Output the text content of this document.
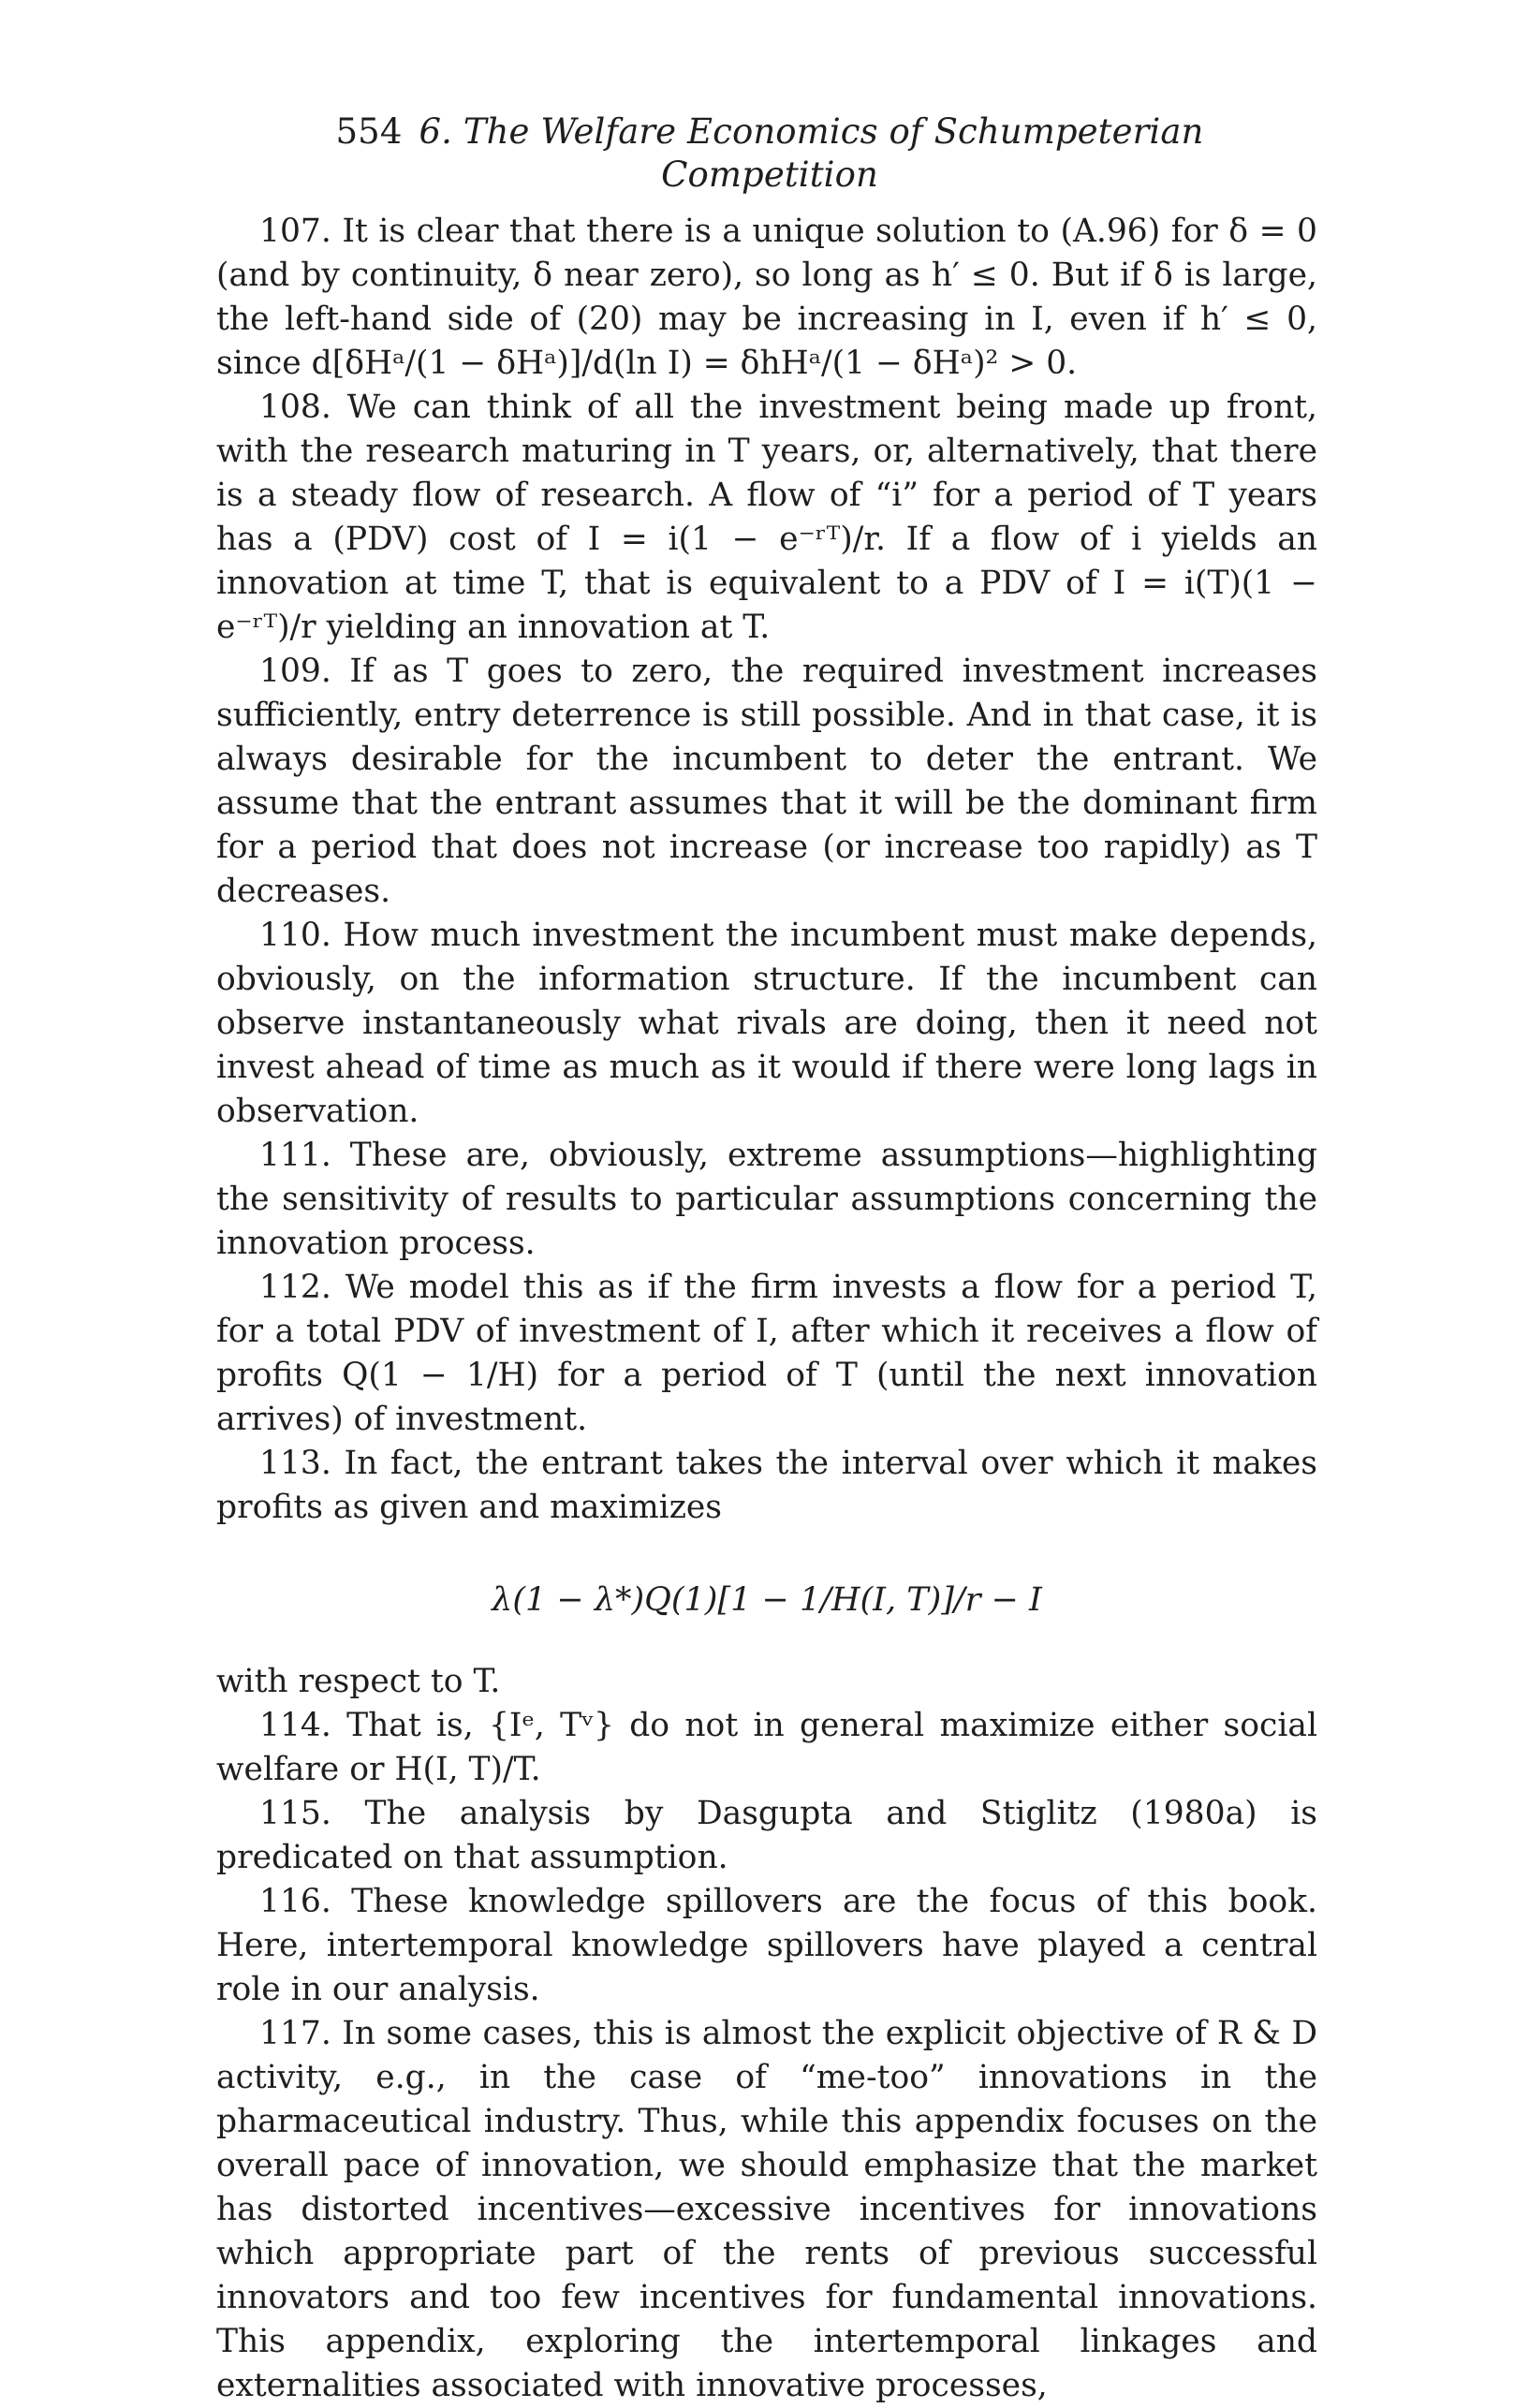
554 6. The Welfare Economics of Schumpeterian Competition

107. It is clear that there is a unique solution to (A.96) for δ = 0 (and by continuity, δ near zero), so long as h′ ≤ 0. But if δ is large, the left-hand side of (20) may be increasing in I, even if h′ ≤ 0, since d[δHᵃ/(1 − δHᵃ)]/d(ln I) = δhHᵃ/(1 − δHᵃ)² > 0.

108. We can think of all the investment being made up front, with the research maturing in T years, or, alternatively, that there is a steady flow of research. A flow of “i” for a period of T years has a (PDV) cost of I = i(1 − e⁻ʳᵀ)/r. If a flow of i yields an innovation at time T, that is equivalent to a PDV of I = i(T)(1 − e⁻ʳᵀ)/r yielding an innovation at T.

109. If as T goes to zero, the required investment increases sufficiently, entry deterrence is still possible. And in that case, it is always desirable for the incumbent to deter the entrant. We assume that the entrant assumes that it will be the dominant firm for a period that does not increase (or increase too rapidly) as T decreases.

110. How much investment the incumbent must make depends, obviously, on the information structure. If the incumbent can observe instantaneously what rivals are doing, then it need not invest ahead of time as much as it would if there were long lags in observation.

111. These are, obviously, extreme assumptions—highlighting the sensitivity of results to particular assumptions concerning the innovation process.

112. We model this as if the firm invests a flow for a period T, for a total PDV of investment of I, after which it receives a flow of profits Q(1 − 1/H) for a period of T (until the next innovation arrives) of investment.

113. In fact, the entrant takes the interval over which it makes profits as given and maximizes

λ(1 − λ*)Q(1)[1 − 1/H(I, T)]/r − I

with respect to T.

114. That is, {Iᵉ, Tᵛ} do not in general maximize either social welfare or H(I, T)/T.

115. The analysis by Dasgupta and Stiglitz (1980a) is predicated on that assumption.

116. These knowledge spillovers are the focus of this book. Here, intertemporal knowledge spillovers have played a central role in our analysis.

117. In some cases, this is almost the explicit objective of R & D activity, e.g., in the case of “me-too” innovations in the pharmaceutical industry. Thus, while this appendix focuses on the overall pace of innovation, we should emphasize that the market has distorted incentives—excessive incentives for innovations which appropriate part of the rents of previous successful innovators and too few incentives for fundamental innovations. This appendix, exploring the intertemporal linkages and externalities associated with innovative processes,
